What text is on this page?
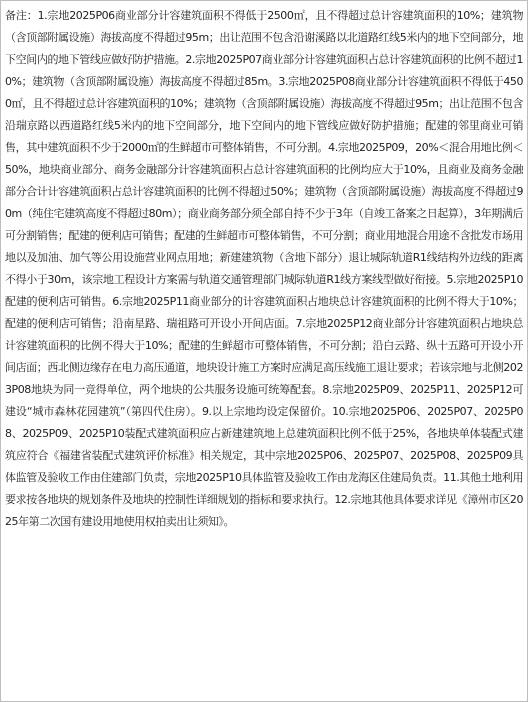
备注：1.宗地2025P06商业部分计容建筑面积不得低于2500㎡，且不得超过总计容建筑面积的10%；建筑物（含顶部附属设施）海拔高度不得超过95m；出让范围不包含沿谢溪路以北道路红线5米内的地下空间部分，地下空间内的地下管线应做好防护措施。2.宗地2025P07商业部分计容建筑面积占总计容建筑面积的比例不超过10%；建筑物（含顶部附属设施）海拔高度不得超过85m。3.宗地2025P08商业部分计容建筑面积不得低于4500㎡，且不得超过总计容建筑面积的10%；建筑物（含顶部附属设施）海拔高度不得超过95m；出让范围不包含沿瑞京路以西道路红线5米内的地下空间部分，地下空间内的地下管线应做好防护措施；配建的邻里商业可销售，其中建筑面积不少于2000㎡的生鲜超市可整体销售，不可分割。4.宗地2025P09，20%＜混合用地比例＜50%，地块商业部分、商务金融部分计容建筑面积占总计容建筑面积的比例均应大于10%，且商业及商务金融部分合计计容建筑面积占总计容建筑面积的比例不得超过50%；建筑物（含顶部附属设施）海拔高度不得超过90m（纯住宅建筑高度不得超过80m）；商业商务部分须全部自持不少于3年（自竣工备案之日起算），3年期满后可分割销售；配建的便利店可销售；配建的生鲜超市可整体销售，不可分割；商业用地混合用途不含批发市场用地以及加油、加气等公用设施营业网点用地；新建建筑物（含地下部分）退让城际轨道R1线结构外边线的距离不得小于30m，该宗地工程设计方案需与轨道交通管理部门城际轨道R1线方案线型做好衔接。5.宗地2025P10配建的便利店可销售。6.宗地2025P11商业部分的计容建筑面积占地块总计容建筑面积的比例不得大于10%；配建的便利店可销售；沿南星路、瑞祖路可开设小开间店面。7.宗地2025P12商业部分计容建筑面积占地块总计容建筑面积的比例不得大于10%；配建的生鲜超市可整体销售，不可分割；沿白云路、纵十五路可开设小开间店面；西北侧边缘存在电力高压通道，地块设计施工方案时应满足高压线施工退让要求；若该宗地与北侧2023P08地块为同一竞得单位，两个地块的公共服务设施可统筹配套。8.宗地2025P09、2025P11、2025P12可建设“城市森林花园建筑”（第四代住房）。9.以上宗地均设定保留价。10.宗地2025P06、2025P07、2025P08、2025P09、2025P10装配式建筑面积应占新建建筑地上总建筑面积比例不低于25%，各地块单体装配式建筑应符合《福建省装配式建筑评价标准》相关规定，其中宗地2025P06、2025P07、2025P08、2025P09具体监管及验收工作由住建部门负责，宗地2025P10具体监管及验收工作由龙海区住建局负责。11.其他土地利用要求按各地块的规划条件及地块的控制性详细规划的指标和要求执行。12.宗地其他具体要求详见《漳州市区2025年第二次国有建设用地使用权拍卖出让须知》。
